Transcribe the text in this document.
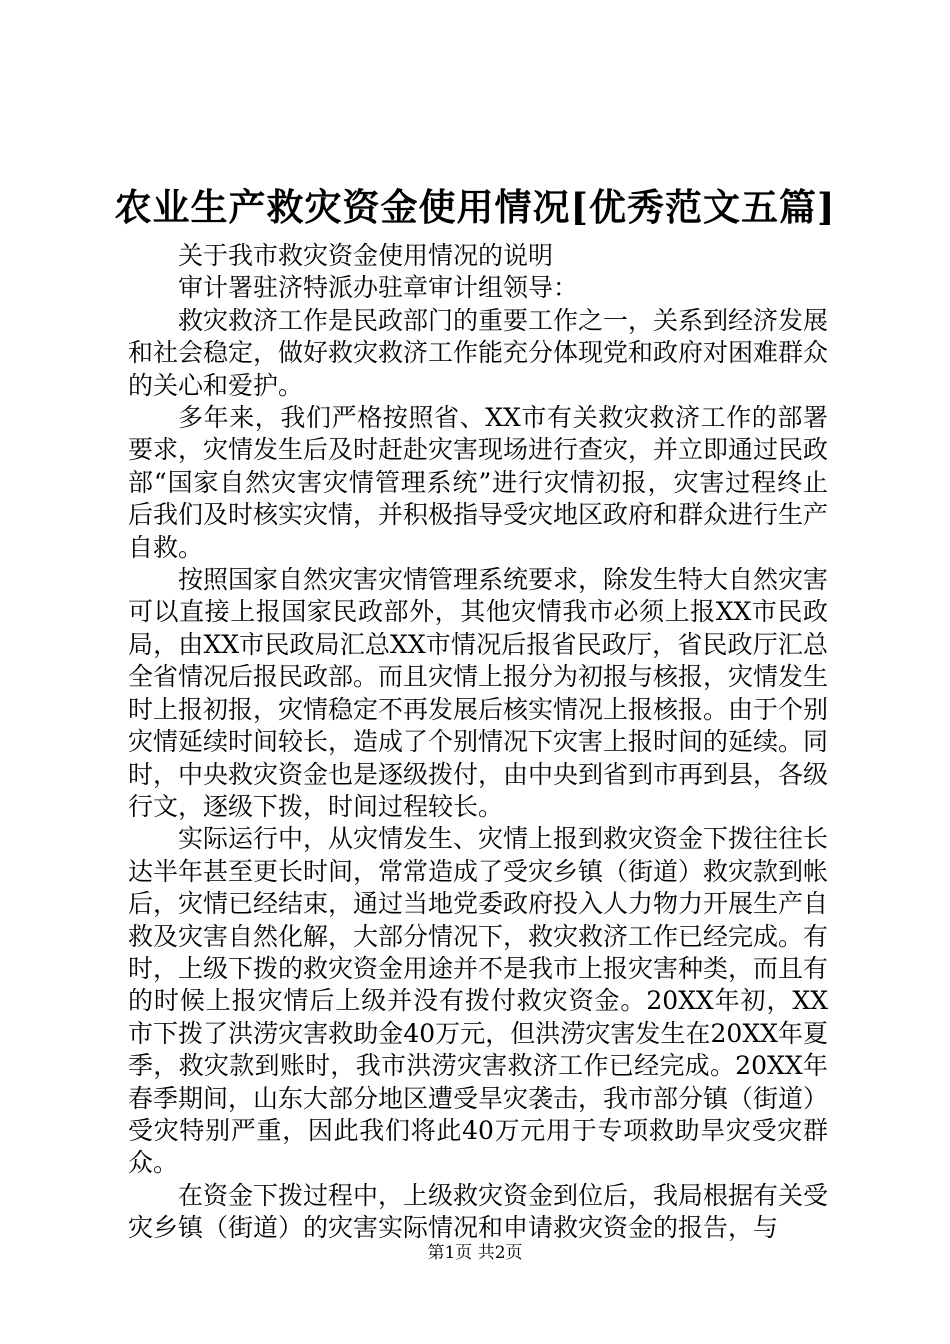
农业生产救灾资金使用情况[优秀范文五篇]

关于我市救灾资金使用情况的说明

审计署驻济特派办驻章审计组领导：

救灾救济工作是民政部门的重要工作之一，关系到经济发展和社会稳定，做好救灾救济工作能充分体现党和政府对困难群众的关心和爱护。

多年来，我们严格按照省、XX市有关救灾救济工作的部署要求，灾情发生后及时赶赴灾害现场进行查灾，并立即通过民政部“国家自然灾害灾情管理系统”进行灾情初报，灾害过程终止后我们及时核实灾情，并积极指导受灾地区政府和群众进行生产自救。

按照国家自然灾害灾情管理系统要求，除发生特大自然灾害可以直接上报国家民政部外，其他灾情我市必须上报XX市民政局，由XX市民政局汇总XX市情况后报省民政厅，省民政厅汇总全省情况后报民政部。而且灾情上报分为初报与核报，灾情发生时上报初报，灾情稳定不再发展后核实情况上报核报。由于个别灾情延续时间较长，造成了个别情况下灾害上报时间的延续。同时，中央救灾资金也是逐级拨付，由中央到省到市再到县，各级行文，逐级下拨，时间过程较长。

实际运行中，从灾情发生、灾情上报到救灾资金下拨往往长达半年甚至更长时间，常常造成了受灾乡镇（街道）救灾款到帐后，灾情已经结束，通过当地党委政府投入人力物力开展生产自救及灾害自然化解，大部分情况下，救灾救济工作已经完成。有时，上级下拨的救灾资金用途并不是我市上报灾害种类，而且有的时候上报灾情后上级并没有拨付救灾资金。20XX年初，XX市下拨了洪涝灾害救助金40万元，但洪涝灾害发生在20XX年夏季，救灾款到账时，我市洪涝灾害救济工作已经完成。20XX年春季期间，山东大部分地区遭受旱灾袭击，我市部分镇（街道）受灾特别严重，因此我们将此40万元用于专项救助旱灾受灾群众。

在资金下拨过程中，上级救灾资金到位后，我局根据有关受灾乡镇（街道）的灾害实际情况和申请救灾资金的报告，与

第1页 共2页
